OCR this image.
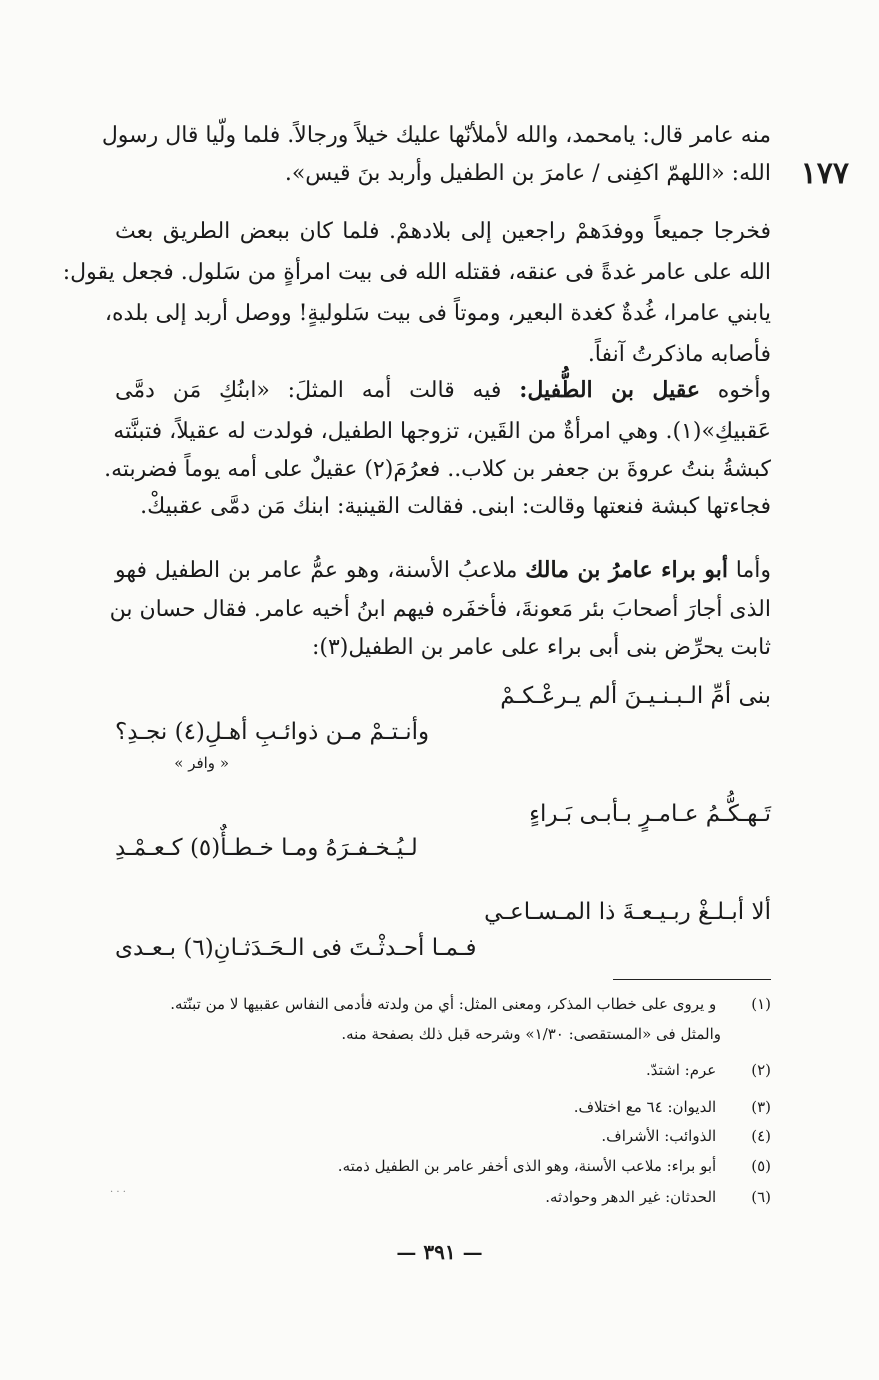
١٧٧
منه عامر قال: يامحمد، والله لأملأنّها عليك خيلاً ورجالاً. فلما ولّيا قال رسول
الله: «اللهمّ اكفِنى / عامرَ بن الطفيل وأربد بنَ قيس».
فخرجا جميعاً ووفدَهمْ راجعين إلى بلادهمْ. فلما كان ببعض الطريق بعث
الله على عامر غدةً فى عنقه، فقتله الله فى بيت امرأةٍ من سَلول. فجعل يقول:
يابني عامرا، غُدةٌ كغدة البعير، وموتاً فى بيت سَلوليةٍ! ووصل أربد إلى بلده،
فأصابه ماذكرتُ آنفاً.
وأخوه عقيل بن الطُّفيل: فيه قالت أمه المثلَ: «ابنُكِ مَن دمَّى
عَقبيكِ»(١). وهي امرأةٌ من القَين، تزوجها الطفيل، فولدت له عقيلاً، فتبنَّته
كبشةُ بنتُ عروةَ بن جعفر بن كلاب.. فعرُمَ(٢) عقيلٌ على أمه يوماً فضربته.
فجاءتها كبشة فنعتها وقالت: ابنى. فقالت القينية: ابنك مَن دمَّى عقبيكْ.
وأما أبو براء عامرُ بن مالك ملاعبُ الأسنة، وهو عمُّ عامر بن الطفيل فهو
الذى أجارَ أصحابَ بئر مَعونةَ، فأخفَره فيهم ابنُ أخيه عامر. فقال حسان بن
ثابت يحرِّض بنى أبى براء على عامر بن الطفيل(٣):
بنى أمِّ الـبـنـيـنَ ألم يـرعْـكـمْ
وأنـتـمْ مـن ذوائـبِ أهـلِ(٤) نجـدِ؟
« وافر »
تَـهـكُّـمُ عـامـرٍ بـأبـى بَـراءٍ
لـيُـخـفـرَهُ ومـا خـطـأٌ(٥) كـعـمْـدِ
ألا أبـلـغْ ربـيـعـةَ ذا المـسـاعـي
فـمـا أحـدثْـتَ فى الـحَـدَثـانِ(٦) بـعـدى
(١) و يروى على خطاب المذكر، ومعنى المثل: أي من ولدته فأدمى النفاس عقبيها لا من تبنّته.
والمثل فى «المستقصى: ١/٣٠» وشرحه قبل ذلك بصفحة منه.
(٢) عرم: اشتدّ.
(٣) الديوان: ٦٤ مع اختلاف.
(٤) الذوائب: الأشراف.
(٥) أبو براء: ملاعب الأسنة، وهو الذى أخفر عامر بن الطفيل ذمته.
(٦) الحدثان: غير الدهر وحوادثه.
· · ·
— ٣٩١ —
